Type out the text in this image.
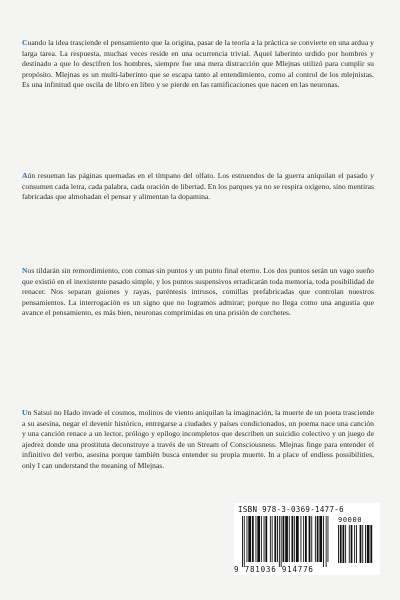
Cuando la idea trasciende el pensamiento que la origina, pasar de la teoría a la práctica se convierte en una ardua y larga tarea. La respuesta, muchas veces reside en una ocurrencia trivial. Aquel laberinto urdido por hombres y destinado a que lo descifren los hombres, siempre fue una mera distracción que Mlejnas utilizó para cumplir su propósito. Mlejnas es un multi-laberinto que se escapa tanto al entendimiento, como al control de los mlejnistas. Es una infinitud que oscila de libro en libro y se pierde en las ramificaciones que nacen en las neuronas.

Aún resuenan las páginas quemadas en el tímpano del olfato. Los estruendos de la guerra aniquilan el pasado y consumen cada letra, cada palabra, cada oración de libertad. En los parques ya no se respira oxígeno, sino mentiras fabricadas que almohadan el pensar y alimentan la dopamina.

Nos tildarán sin remordimiento, con comas sin puntos y un punto final eterno. Los dos puntos serán un vago sueño que existió en el inexistente pasado simple, y los puntos suspensivos erradicarán toda memoria, toda posibilidad de renacer. Nos separan guiones y rayas, paréntesis intrusos, comillas prefabricadas que controlan nuestros pensamientos. La interrogación es un signo que no logramos admirar; porque no llega como una angustia que avance el pensamiento, es más bien, neuronas comprimidas en una prisión de corchetes.

Un Satsui no Hado invade el cosmos, molinos de viento aniquilan la imaginación, la muerte de un poeta trasciende a su asesina, negar el devenir histórico, entregarse a ciudades y países condicionados, un poema nace una canción y una canción renace a un lector, prólogo y epílogo incompletos que describen un suicidio colectivo y un juego de ajedrez donde una prostituta deconstruye a través de un Stream of Consciousness. Mlejnas finge para entender el infinitivo del verbo, asesina porque también busca entender su propia muerte. In a place of endless possibilities, only I can understand the meaning of Mlejnas.

ISBN 978-3-0369-1477-6
90000
9 781036 914776
